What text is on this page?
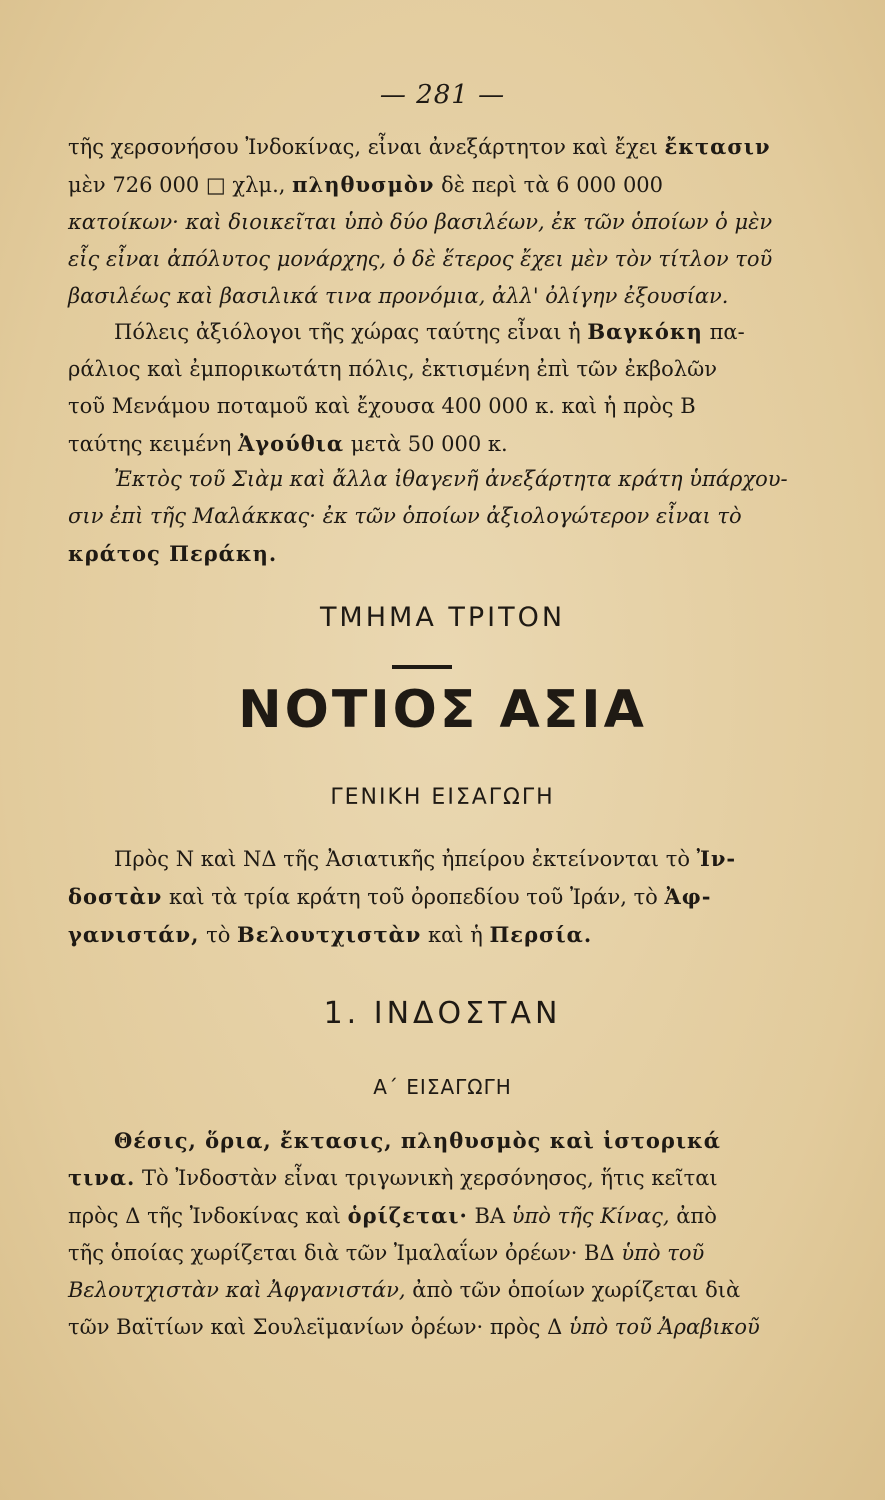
— 281 —
τῆς χερσονήσου Ἰνδοκίνας, εἶναι ἀνεξάρτητον καὶ ἔχει ἔκτασιν
μὲν 726 000 □ χλμ., πληθυσμὸν δὲ περὶ τὰ 6 000 000
κατοίκων· καὶ διοικεῖται ὑπὸ δύο βασιλέων, ἐκ τῶν ὁποίων ὁ μὲν
εἷς εἶναι ἀπόλυτος μονάρχης, ὁ δὲ ἕτερος ἔχει μὲν τὸν τίτλον τοῦ
βασιλέως καὶ βασιλικά τινα προνόμια, ἀλλ' ὀλίγην ἐξουσίαν.
Πόλεις ἀξιόλογοι τῆς χώρας ταύτης εἶναι ἡ Βαγκόκη πα-
ράλιος καὶ ἐμπορικωτάτη πόλις, ἐκτισμένη ἐπὶ τῶν ἐκβολῶν
τοῦ Μενάμου ποταμοῦ καὶ ἔχουσα 400 000 κ. καὶ ἡ πρὸς Β
ταύτης κειμένη Ἀγούθια μετὰ 50 000 κ.
Ἐκτὸς τοῦ Σιὰμ καὶ ἄλλα ἰθαγενῆ ἀνεξάρτητα κράτη ὑπάρχου-
σιν ἐπὶ τῆς Μαλάκκας· ἐκ τῶν ὁποίων ἀξιολογώτερον εἶναι τὸ
κράτος Περάκη.
ΤΜΗΜΑ ΤΡΙΤΟΝ
ΝΟΤΙΟΣ ΑΣΙΑ
ΓΕΝΙΚΗ ΕΙΣΑΓΩΓΗ
Πρὸς Ν καὶ ΝΔ τῆς Ἀσιατικῆς ἠπείρου ἐκτείνονται τὸ Ἰν-
δοστὰν καὶ τὰ τρία κράτη τοῦ ὀροπεδίου τοῦ Ἰράν, τὸ Ἀφ-
γανιστάν, τὸ Βελουτχιστὰν καὶ ἡ Περσία.
1. ΙΝΔΟΣΤΑΝ
Α΄ ΕΙΣΑΓΩΓΗ
Θέσις, ὅρια, ἔκτασις, πληθυσμὸς καὶ ἱστορικά
τινα. Τὸ Ἰνδοστὰν εἶναι τριγωνικὴ χερσόνησος, ἥτις κεῖται
πρὸς Δ τῆς Ἰνδοκίνας καὶ ὁρίζεται· ΒΑ ὑπὸ τῆς Κίνας, ἀπὸ
τῆς ὁποίας χωρίζεται διὰ τῶν Ἰμαλαΐων ὀρέων· ΒΔ ὑπὸ τοῦ
Βελουτχιστὰν καὶ Ἀφγανιστάν, ἀπὸ τῶν ὁποίων χωρίζεται διὰ
τῶν Βαϊτίων καὶ Σουλεϊμανίων ὀρέων· πρὸς Δ ὑπὸ τοῦ Ἀραβικοῦ
